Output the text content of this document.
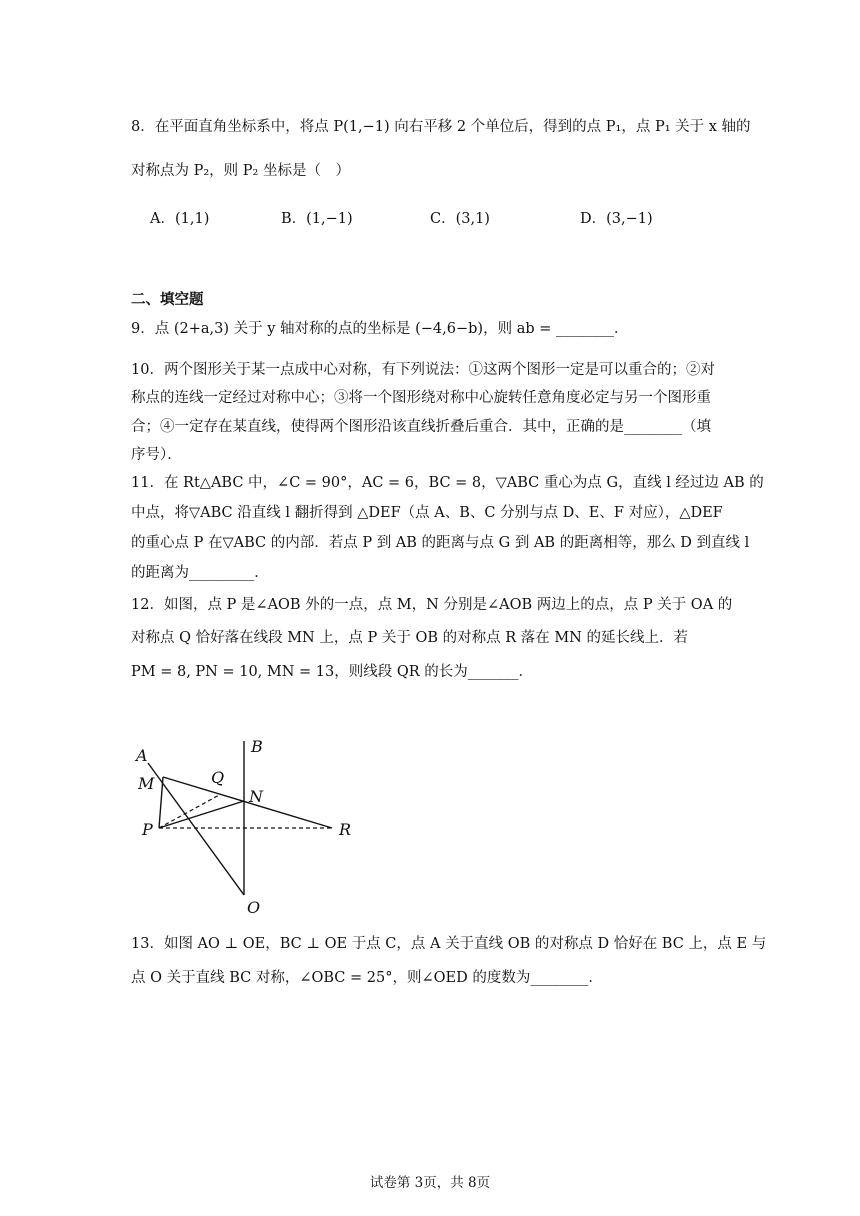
8．在平面直角坐标系中，将点 P(1,−1) 向右平移 2 个单位后，得到的点 P₁，点 P₁ 关于 x 轴的
对称点为 P₂，则 P₂ 坐标是（　）
A．(1,1)	B．(1,−1)	C．(3,1)	D．(3,−1)
二、填空题
9．点 (2+a,3) 关于 y 轴对称的点的坐标是 (−4,6−b)，则 ab = ________．
10．两个图形关于某一点成中心对称，有下列说法：①这两个图形一定是可以重合的；②对
称点的连线一定经过对称中心；③将一个图形绕对称中心旋转任意角度必定与另一个图形重
合；④一定存在某直线，使得两个图形沿该直线折叠后重合．其中，正确的是________（填
序号）．
11．在 Rt△ABC 中，∠C = 90°，AC = 6，BC = 8，▽ABC 重心为点 G，直线 l 经过边 AB 的
中点，将▽ABC 沿直线 l 翻折得到 △DEF（点 A、B、C 分别与点 D、E、F 对应），△DEF
的重心点 P 在▽ABC 的内部．若点 P 到 AB 的距离与点 G 到 AB 的距离相等，那么 D 到直线 l
的距离为_________．
12．如图，点 P 是∠AOB 外的一点，点 M，N 分别是∠AOB 两边上的点，点 P 关于 OA 的
对称点 Q 恰好落在线段 MN 上，点 P 关于 OB 的对称点 R 落在 MN 的延长线上．若
PM = 8, PN = 10, MN = 13，则线段 QR 的长为_______．
A	B
M	Q
N
P	R
O
13．如图 AO ⊥ OE，BC ⊥ OE 于点 C，点 A 关于直线 OB 的对称点 D 恰好在 BC 上，点 E 与
点 O 关于直线 BC 对称，∠OBC = 25°，则∠OED 的度数为________．
试卷第 3页，共 8页
